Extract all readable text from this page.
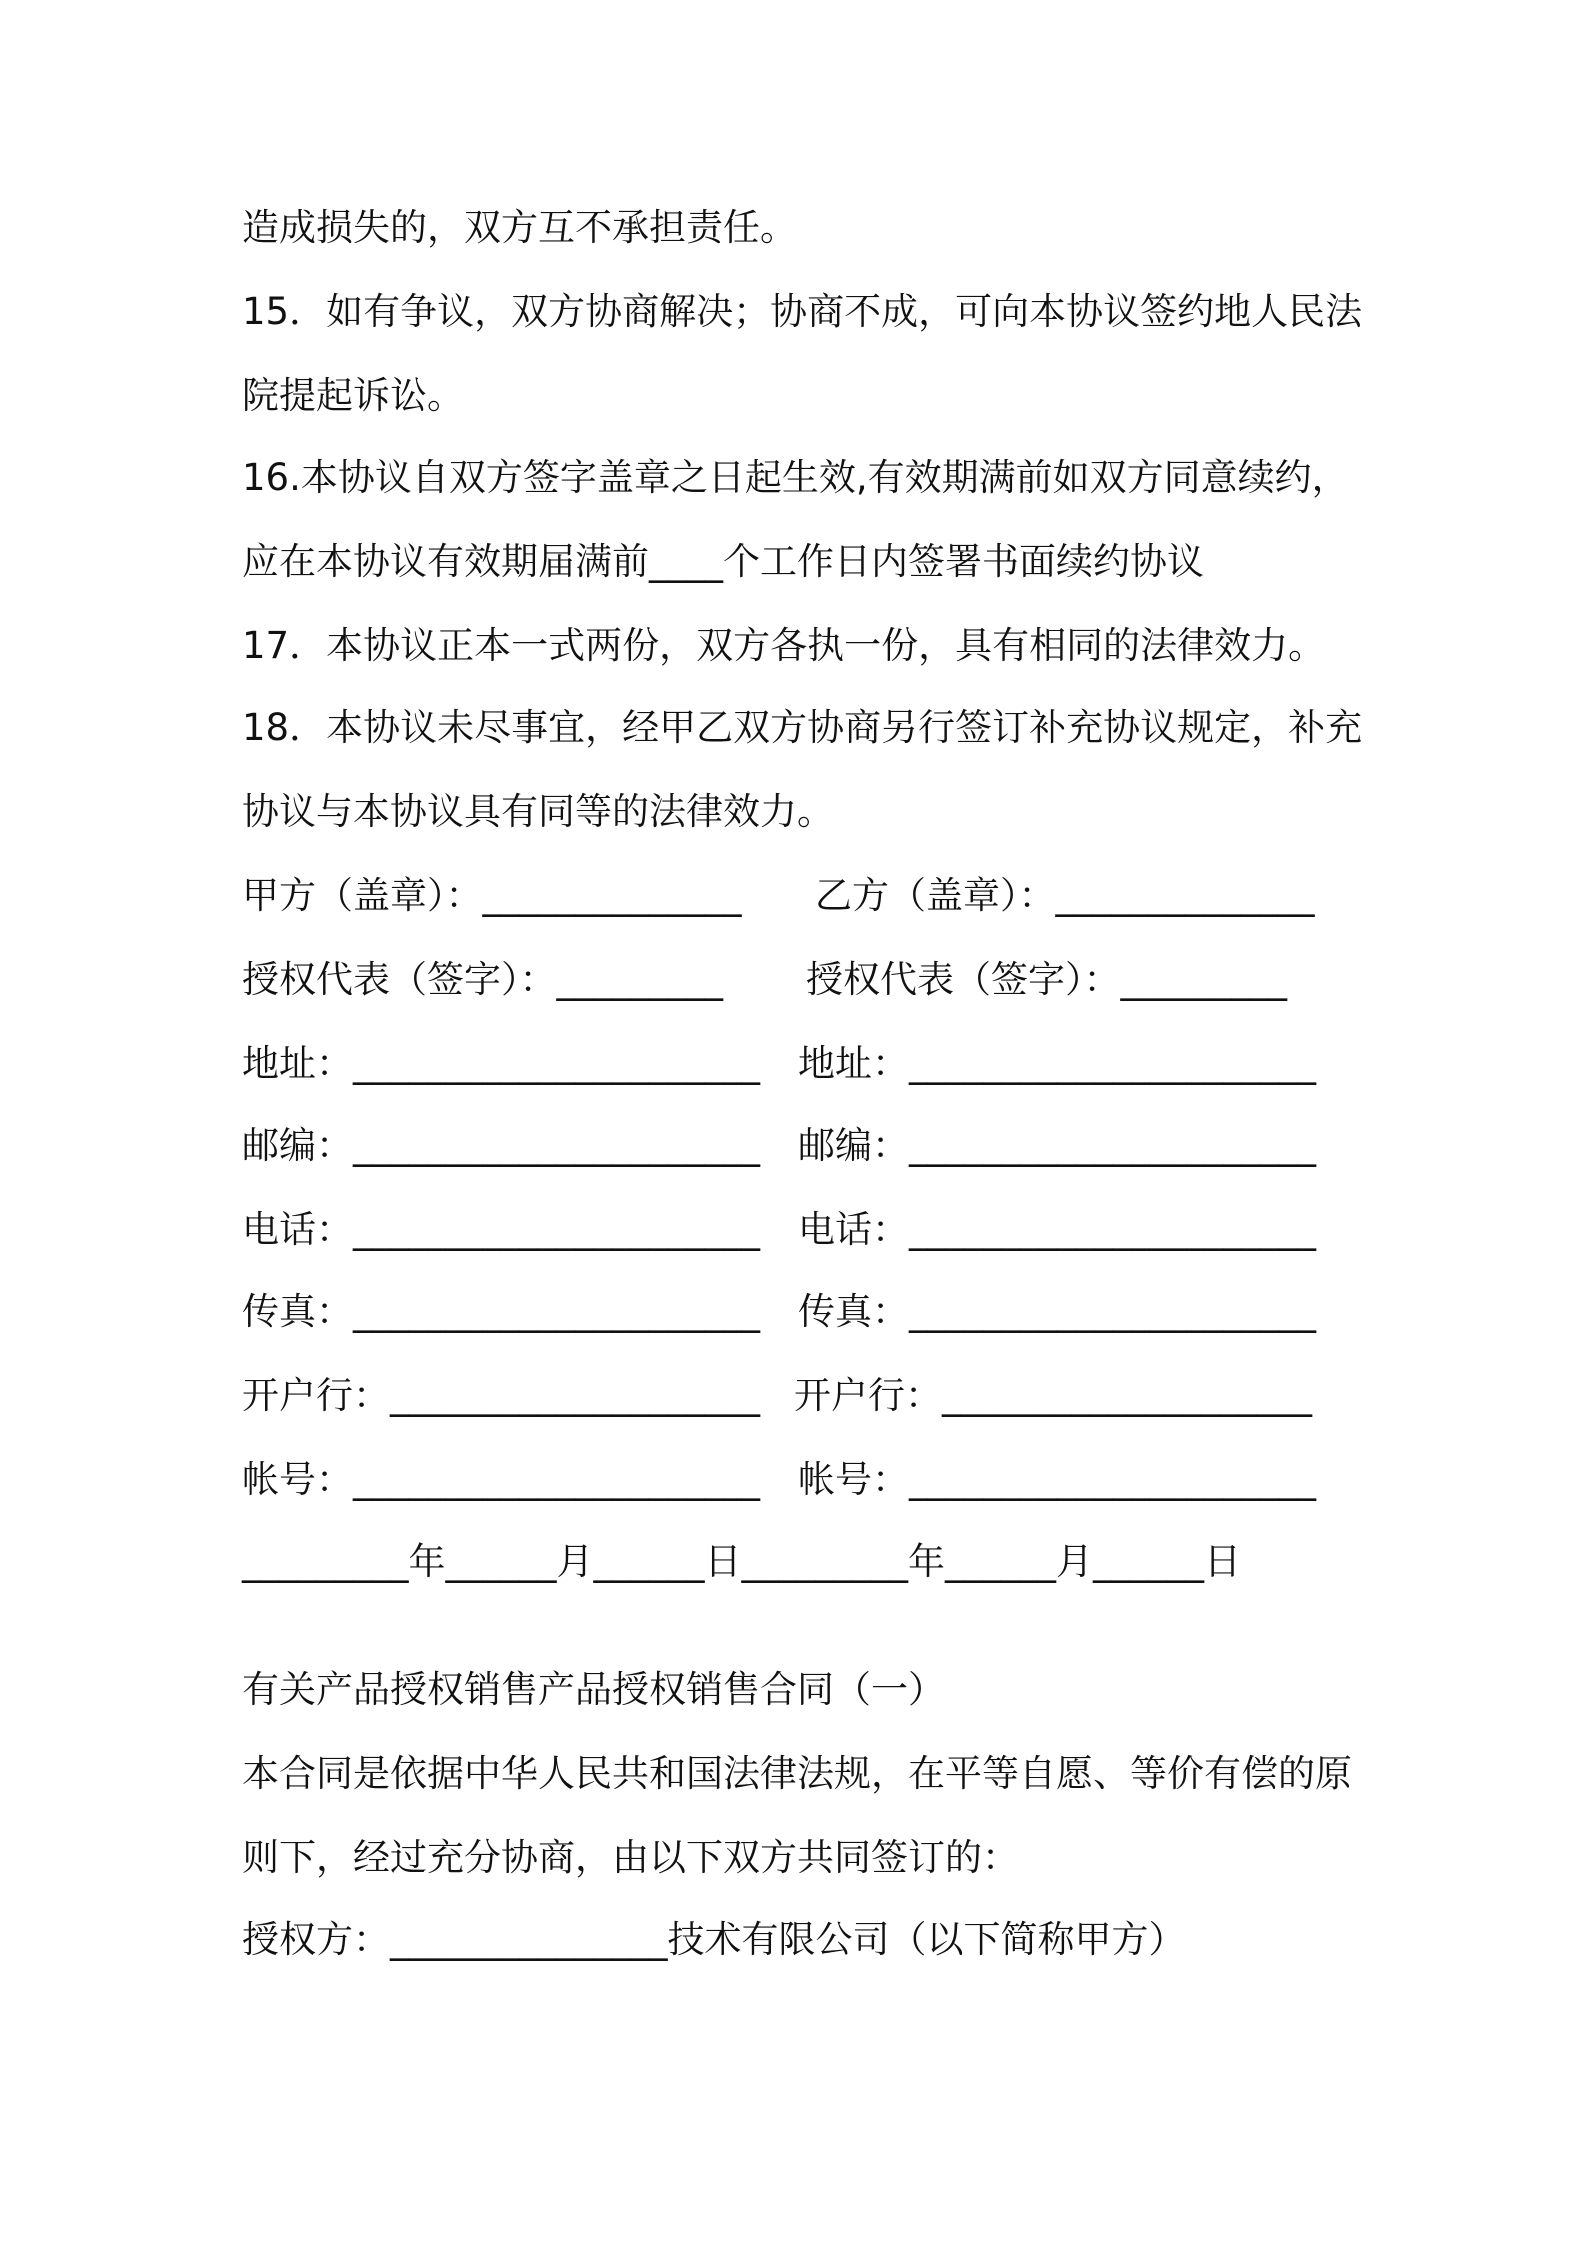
造成损失的，双方互不承担责任。
15．如有争议，双方协商解决；协商不成，可向本协议签约地人民法
院提起诉讼。
16.本协议自双方签字盖章之日起生效,有效期满前如双方同意续约，
应在本协议有效期届满前____个工作日内签署书面续约协议
17．本协议正本一式两份，双方各执一份，具有相同的法律效力。
18．本协议未尽事宜，经甲乙双方协商另行签订补充协议规定，补充
协议与本协议具有同等的法律效力。
甲方（盖章）：______________ 乙方（盖章）：______________
授权代表（签字）：_________ 授权代表（签字）：_________
地址：______________________ 地址：______________________
邮编：______________________ 邮编：______________________
电话：______________________ 电话：______________________
传真：______________________ 传真：______________________
开户行：____________________ 开户行：____________________
帐号：______________________ 帐号：______________________
_________年______月______日_________年______月______日
有关产品授权销售产品授权销售合同（一）
本合同是依据中华人民共和国法律法规，在平等自愿、等价有偿的原
则下，经过充分协商，由以下双方共同签订的：
授权方：_______________技术有限公司（以下简称甲方）
